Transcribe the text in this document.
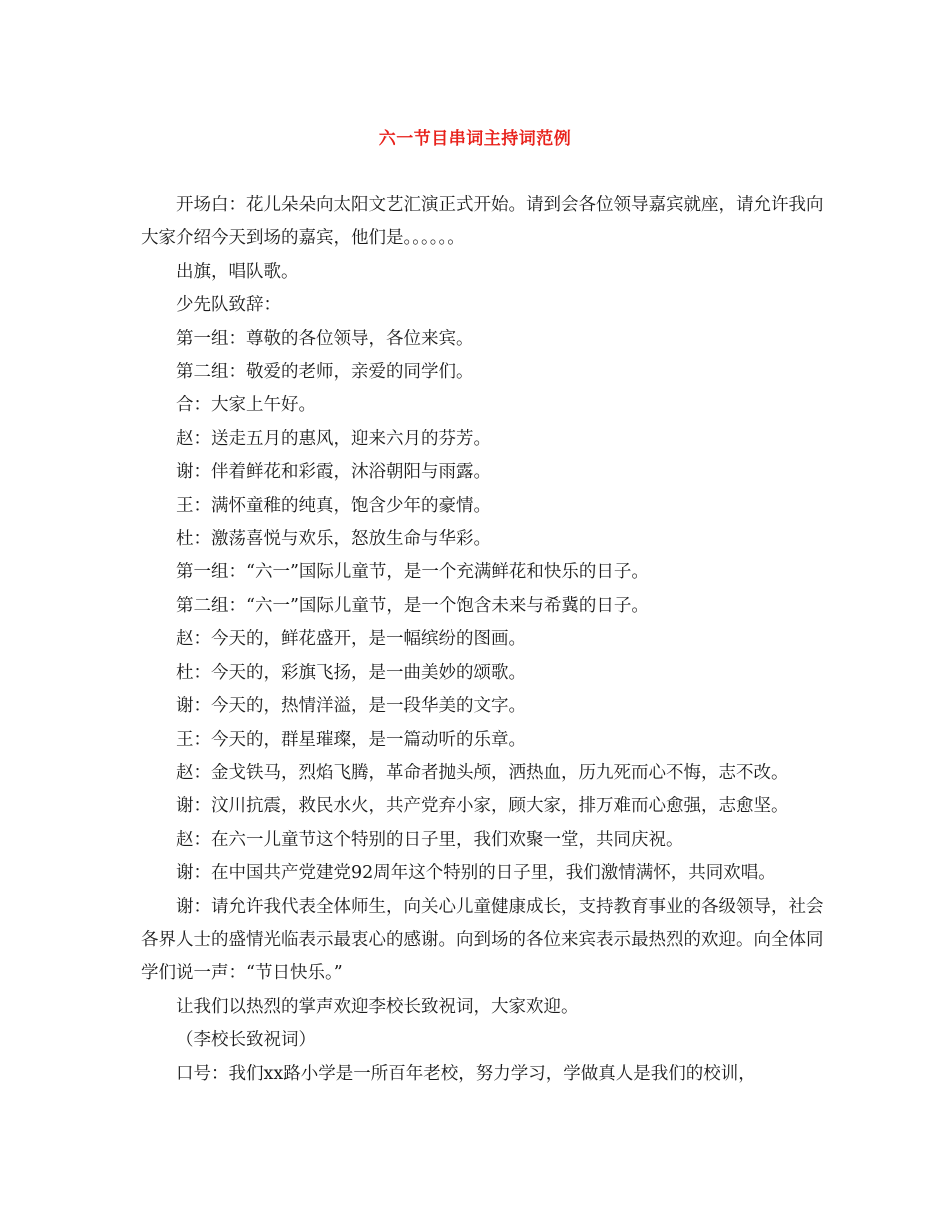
六一节目串词主持词范例

开场白：花儿朵朵向太阳文艺汇演正式开始。请到会各位领导嘉宾就座，请允许我向大家介绍今天到场的嘉宾，他们是。。。。。。

出旗，唱队歌。

少先队致辞：

第一组：尊敬的各位领导，各位来宾。

第二组：敬爱的老师，亲爱的同学们。

合：大家上午好。

赵：送走五月的惠风，迎来六月的芬芳。

谢：伴着鲜花和彩霞，沐浴朝阳与雨露。

王：满怀童稚的纯真，饱含少年的豪情。

杜：激荡喜悦与欢乐，怒放生命与华彩。

第一组：“六一”国际儿童节，是一个充满鲜花和快乐的日子。

第二组：“六一”国际儿童节，是一个饱含未来与希冀的日子。

赵：今天的，鲜花盛开，是一幅缤纷的图画。

杜：今天的，彩旗飞扬，是一曲美妙的颂歌。

谢：今天的，热情洋溢，是一段华美的文字。

王：今天的，群星璀璨，是一篇动听的乐章。

赵：金戈铁马，烈焰飞腾，革命者抛头颅，洒热血，历九死而心不悔，志不改。

谢：汶川抗震，救民水火，共产党弃小家，顾大家，排万难而心愈强，志愈坚。

赵：在六一儿童节这个特别的日子里，我们欢聚一堂，共同庆祝。

谢：在中国共产党建党92周年这个特别的日子里，我们激情满怀，共同欢唱。

谢：请允许我代表全体师生，向关心儿童健康成长，支持教育事业的各级领导，社会各界人士的盛情光临表示最衷心的感谢。向到场的各位来宾表示最热烈的欢迎。向全体同学们说一声：“节日快乐。”

让我们以热烈的掌声欢迎李校长致祝词，大家欢迎。

（李校长致祝词）

口号：我们xx路小学是一所百年老校，努力学习，学做真人是我们的校训，
